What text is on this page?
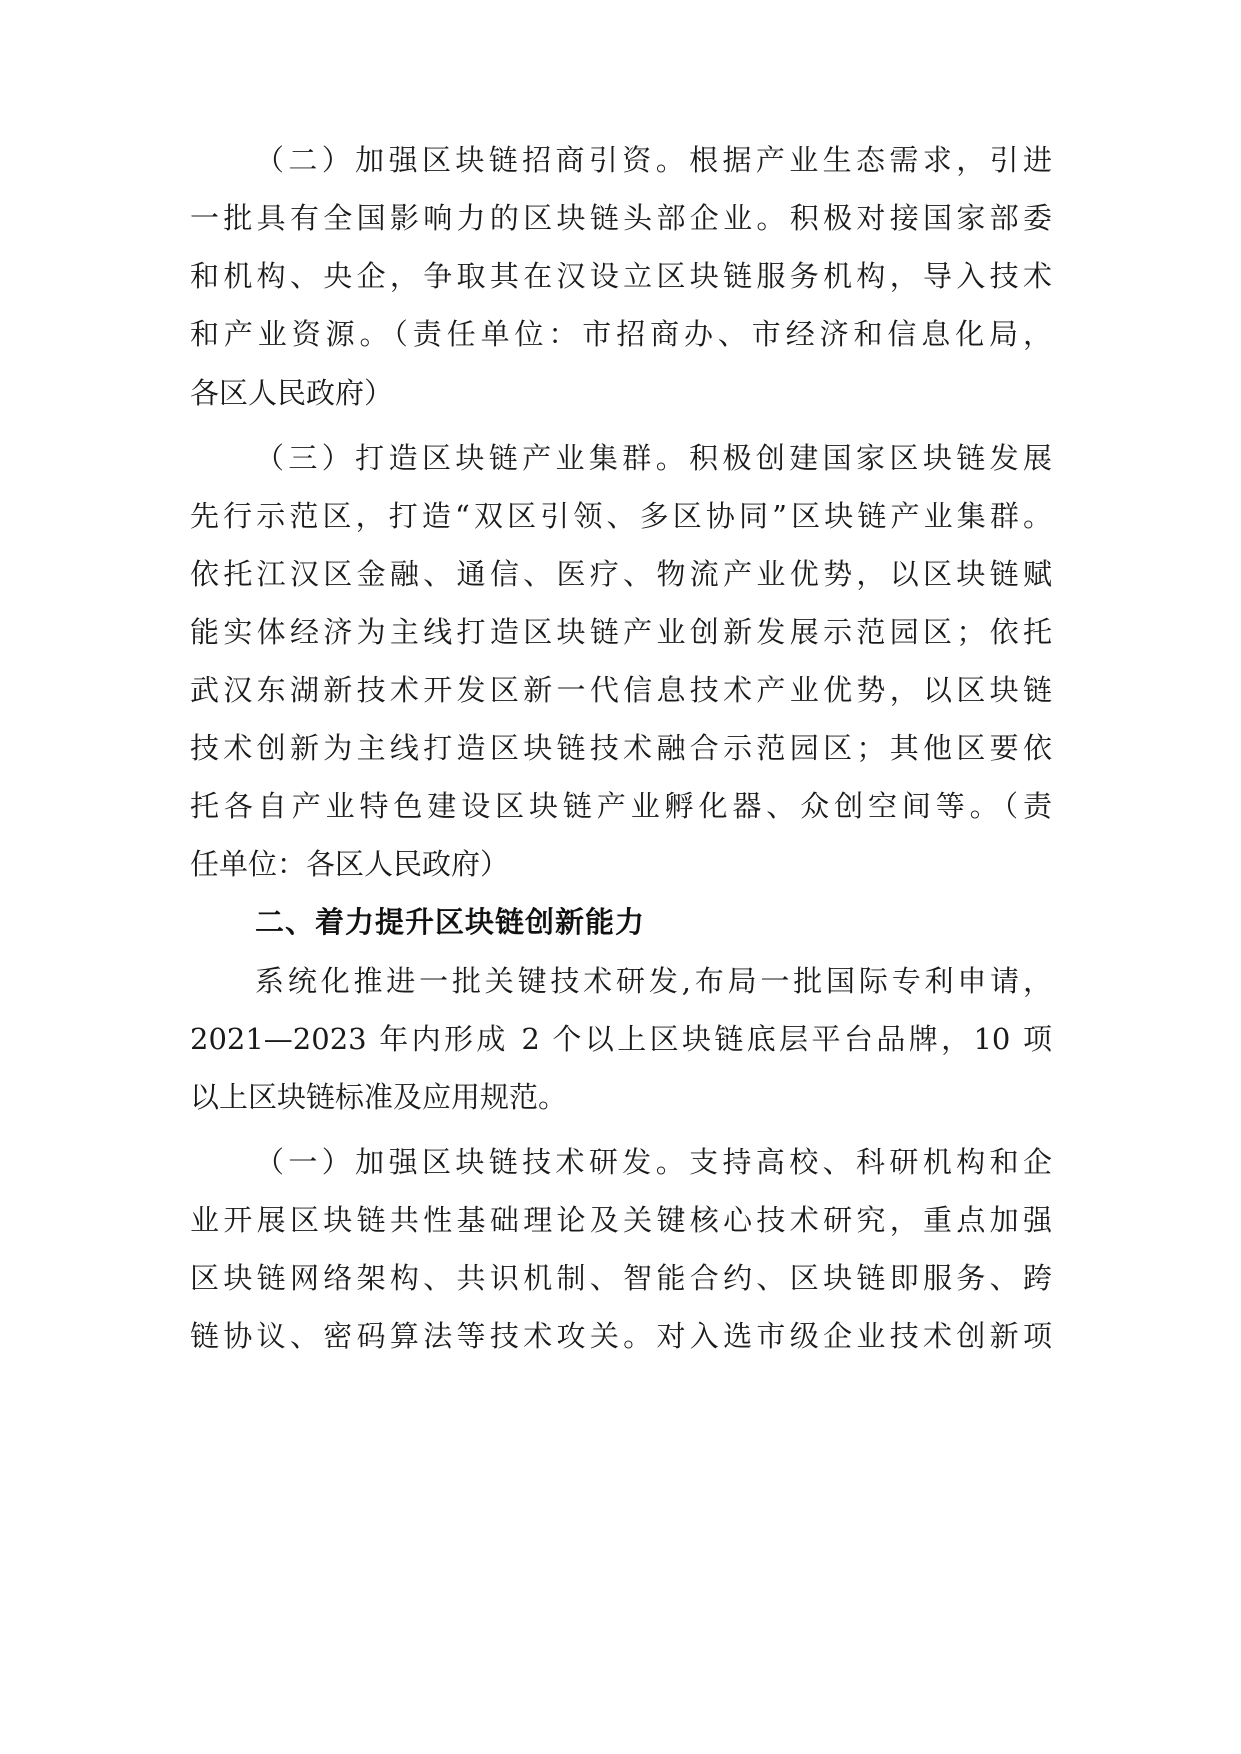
（二）加强区块链招商引资。根据产业生态需求，引进
一批具有全国影响力的区块链头部企业。积极对接国家部委
和机构、央企，争取其在汉设立区块链服务机构，导入技术
和产业资源。（责任单位：市招商办、市经济和信息化局，
各区人民政府）
（三）打造区块链产业集群。积极创建国家区块链发展
先行示范区，打造“双区引领、多区协同”区块链产业集群。
依托江汉区金融、通信、医疗、物流产业优势，以区块链赋
能实体经济为主线打造区块链产业创新发展示范园区；依托
武汉东湖新技术开发区新一代信息技术产业优势，以区块链
技术创新为主线打造区块链技术融合示范园区；其他区要依
托各自产业特色建设区块链产业孵化器、众创空间等。（责
任单位：各区人民政府）
二、着力提升区块链创新能力
系统化推进一批关键技术研发,布局一批国际专利申请，
2021—2023 年内形成 2 个以上区块链底层平台品牌，10 项
以上区块链标准及应用规范。
（一）加强区块链技术研发。支持高校、科研机构和企
业开展区块链共性基础理论及关键核心技术研究，重点加强
区块链网络架构、共识机制、智能合约、区块链即服务、跨
链协议、密码算法等技术攻关。对入选市级企业技术创新项
